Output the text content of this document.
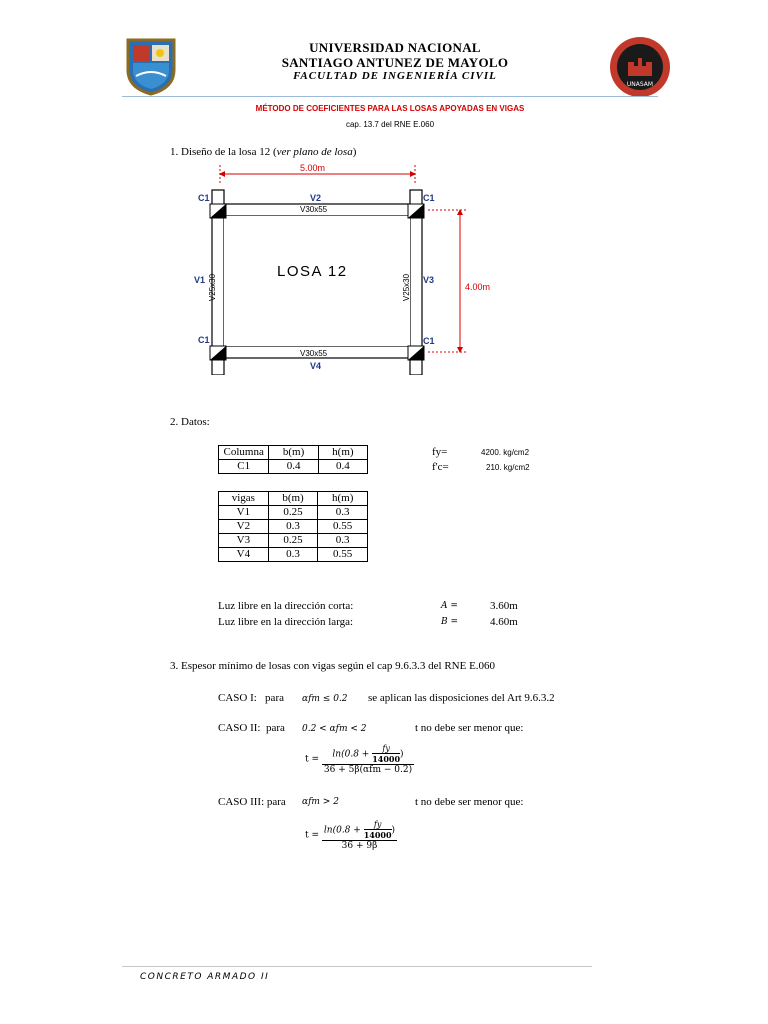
UNIVERSIDAD NACIONAL
SANTIAGO ANTUNEZ DE MAYOLO
FACULTAD DE INGENIERÍA CIVIL
UNASAM
MÉTODO DE COEFICIENTES PARA LAS LOSAS APOYADAS EN VIGAS
cap. 13.7 del RNE E.060
1. Diseño de la losa 12 (ver plano de losa)
5.00m
4.00m
LOSA 12
V2
V30x55
V30x55
V4
V1	V3
V25x30	V25x30
C1	C1
C1	C1
2. Datos:
Columna	b(m)	h(m)
C1	0.4	0.4
fy=	4200. kg/cm2
f'c=	210. kg/cm2
vigas	b(m)	h(m)
V1	0.25	0.3
V2	0.3	0.55
V3	0.25	0.3
V4	0.3	0.55
Luz libre en la dirección corta:	A =	3.60m
Luz libre en la dirección larga:	B =	4.60m
3. Espesor mínimo de losas con vigas según el cap 9.6.3.3 del RNE E.060
CASO I:   para αfm ≤ 0.2 se aplican las disposiciones del Art 9.6.3.2
CASO II:  para 0.2 < αfm < 2	t no debe ser menor que:
$t = \frac{\ln(0.8 + \frac{fy}{14000})}{\text{36 + 5β(αfm − 0.2)}}$
CASO III: para αfm > 2	t no debe ser menor que:
$t = \frac{\ln(0.8 + \frac{fy}{14000})}{36 + 9\beta}$
CONCRETO ARMADO II
